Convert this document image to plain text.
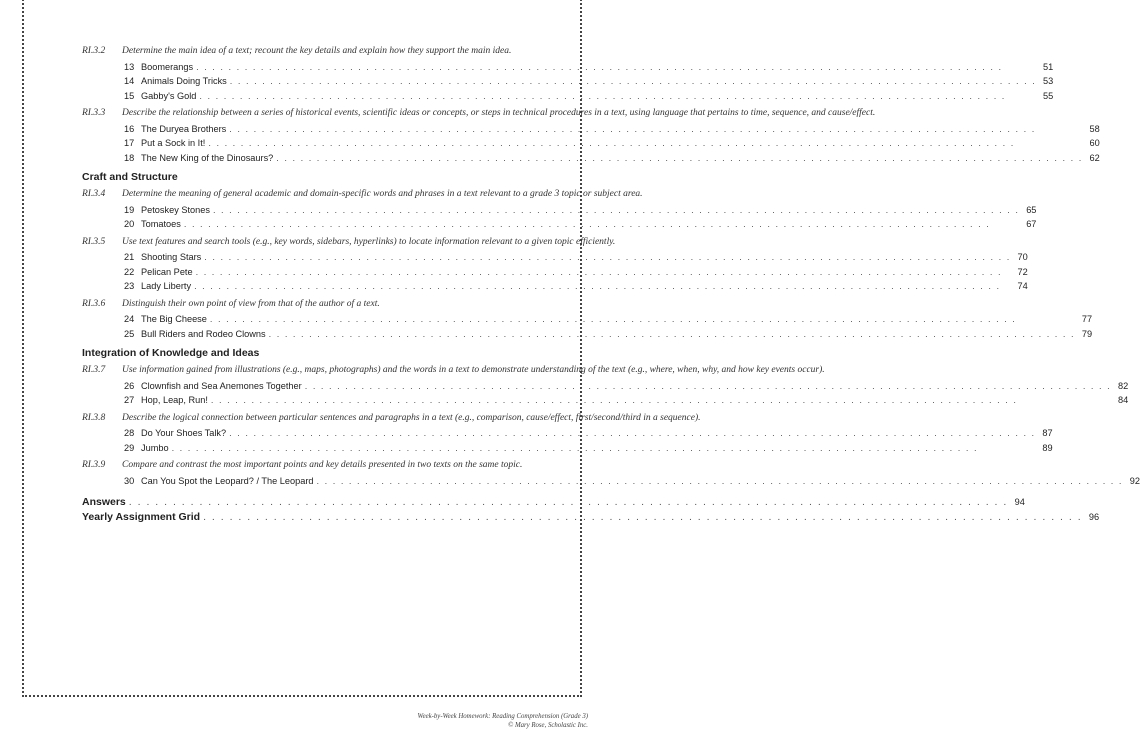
RI.3.2	Determine the main idea of a text; recount the key details and explain how they support the main idea.
13 Boomerangs . . .	51
14 Animals Doing Tricks . . .	53
15 Gabby's Gold . . .	55
RI.3.3	Describe the relationship between a series of historical events, scientific ideas or concepts, or steps in technical procedures in a text, using language that pertains to time, sequence, and cause/effect.
16 The Duryea Brothers . . .	58
17 Put a Sock in It! . . .	60
18 The New King of the Dinosaurs? . . .	62
Craft and Structure
RI.3.4	Determine the meaning of general academic and domain-specific words and phrases in a text relevant to a grade 3 topic or subject area.
19 Petoskey Stones . . .	65
20 Tomatoes . . .	67
RI.3.5	Use text features and search tools (e.g., key words, sidebars, hyperlinks) to locate information relevant to a given topic efficiently.
21 Shooting Stars . . .	70
22 Pelican Pete . . .	72
23 Lady Liberty . . .	74
RI.3.6	Distinguish their own point of view from that of the author of a text.
24 The Big Cheese . . .	77
25 Bull Riders and Rodeo Clowns . . .	79
Integration of Knowledge and Ideas
RI.3.7	Use information gained from illustrations (e.g., maps, photographs) and the words in a text to demonstrate understanding of the text (e.g., where, when, why, and how key events occur).
26 Clownfish and Sea Anemones Together . . .	82
27 Hop, Leap, Run! . . .	84
RI.3.8	Describe the logical connection between particular sentences and paragraphs in a text (e.g., comparison, cause/effect, first/second/third in a sequence).
28 Do Your Shoes Talk? . . .	87
29 Jumbo . . .	89
RI.3.9	Compare and contrast the most important points and key details presented in two texts on the same topic.
30 Can You Spot the Leopard? / The Leopard . . .	92
Answers . . .	94
Yearly Assignment Grid . . .	96
Week-by-Week Homework: Reading Comprehension (Grade 3)
© Mary Rose, Scholastic Inc.
